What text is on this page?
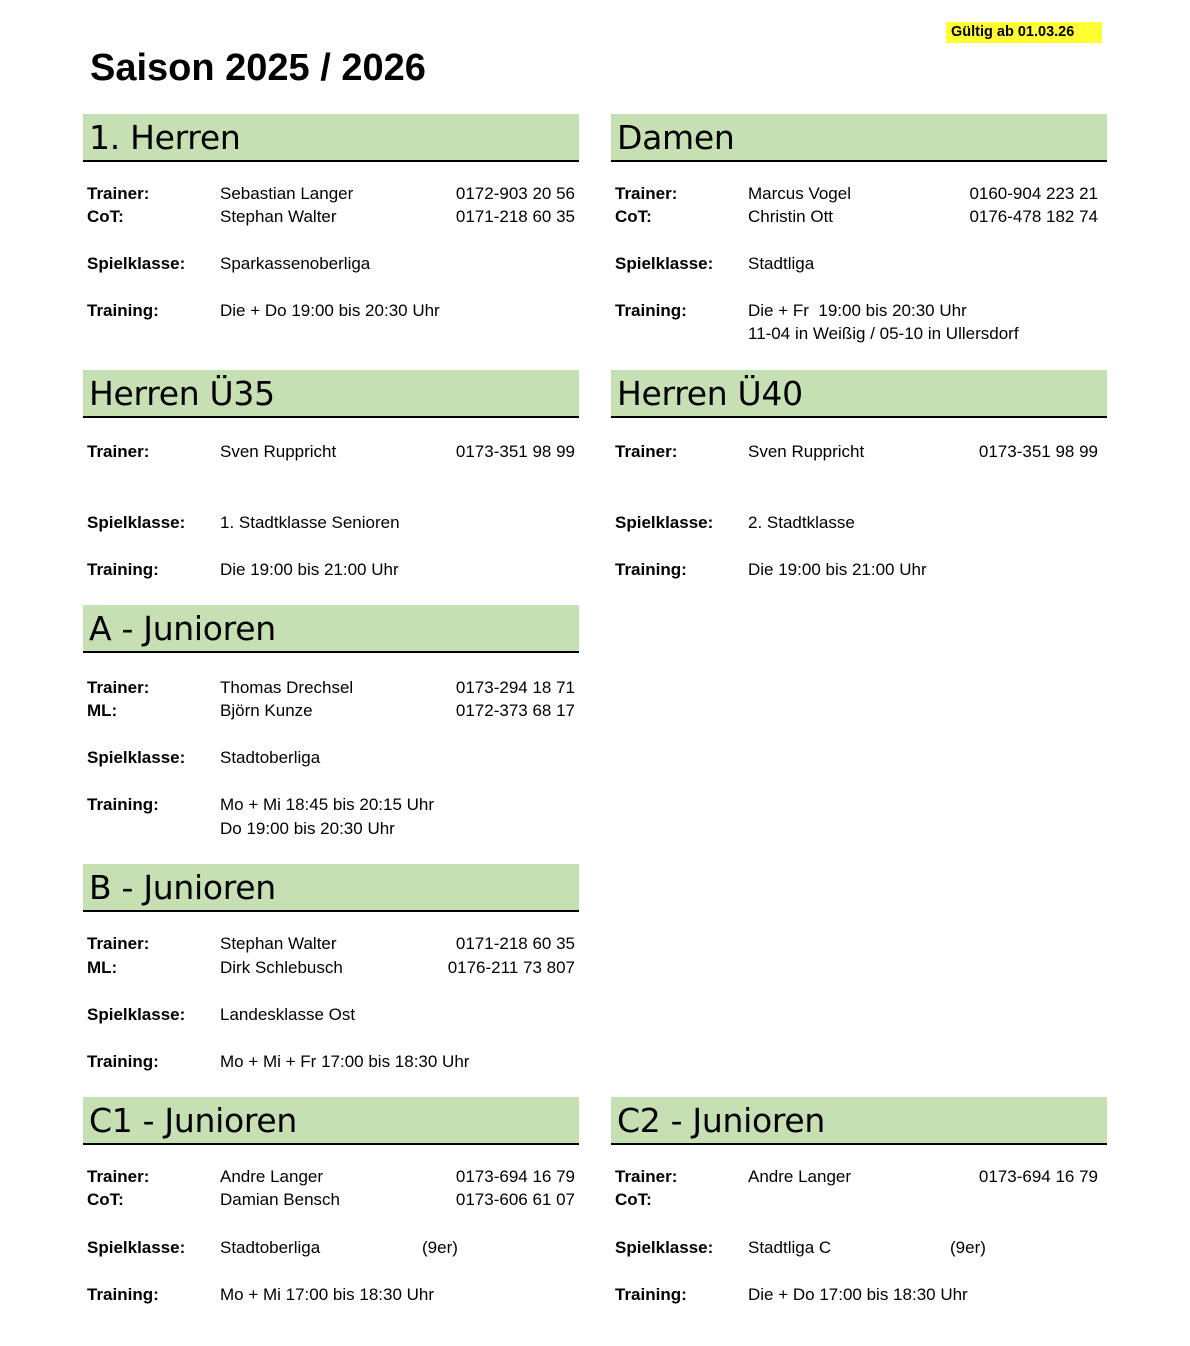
Gültig ab 01.03.26
Saison 2025 / 2026
1. Herren
Trainer:	Sebastian Langer	0172-903 20 56
CoT:	Stephan Walter	0171-218 60 35
Spielklasse: Sparkassenoberliga
Training:	Die + Do 19:00 bis 20:30 Uhr
Damen
Trainer:	Marcus Vogel	0160-904 223 21
CoT:	Christin Ott	0176-478 182 74
Spielklasse: Stadtliga
Training:	Die + Fr  19:00 bis 20:30 Uhr
11-04 in Weißig / 05-10 in Ullersdorf
Herren Ü35
Trainer:	Sven Ruppricht	0173-351 98 99
Spielklasse: 1. Stadtklasse Senioren
Training:	Die 19:00 bis 21:00 Uhr
Herren Ü40
Trainer:	Sven Ruppricht	0173-351 98 99
Spielklasse: 2. Stadtklasse
Training:	Die 19:00 bis 21:00 Uhr
A - Junioren
Trainer:	Thomas Drechsel	0173-294 18 71
ML:	Björn Kunze	0172-373 68 17
Spielklasse: Stadtoberliga
Training:	Mo + Mi 18:45 bis 20:15 Uhr
Do 19:00 bis 20:30 Uhr
B - Junioren
Trainer:	Stephan Walter	0171-218 60 35
ML:	Dirk Schlebusch	0176-211 73 807
Spielklasse: Landesklasse Ost
Training:	Mo + Mi + Fr 17:00 bis 18:30 Uhr
C1 - Junioren
Trainer:	Andre Langer	0173-694 16 79
CoT:	Damian Bensch	0173-606 61 07
Spielklasse: Stadtoberliga	(9er)
Training:	Mo + Mi 17:00 bis 18:30 Uhr
C2 - Junioren
Trainer:	Andre Langer	0173-694 16 79
CoT:
Spielklasse: Stadtliga C	(9er)
Training:	Die + Do 17:00 bis 18:30 Uhr
